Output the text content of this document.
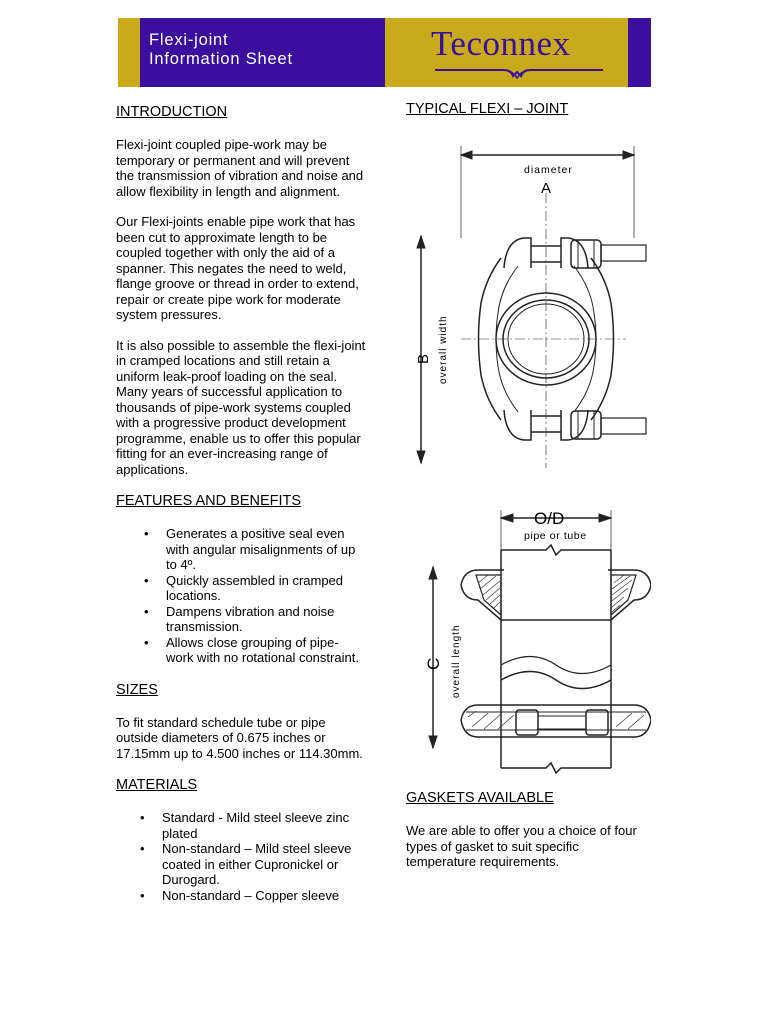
Flexi-joint
Information Sheet	Teconnex
INTRODUCTION

Flexi-joint coupled pipe-work may be temporary or permanent and will prevent the transmission of vibration and noise and allow flexibility in length and alignment.

Our Flexi-joints enable pipe work that has been cut to approximate length to be coupled together with only the aid of a spanner. This negates the need to weld, flange groove or thread in order to extend, repair or create pipe work for moderate system pressures.

It is also possible to assemble the flexi-joint in cramped locations and still retain a uniform leak-proof loading on the seal. Many years of successful application to thousands of pipe-work systems coupled with a progressive product development programme, enable us to offer this popular fitting for an ever-increasing range of applications.

FEATURES AND BENEFITS
• Generates a positive seal even with angular misalignments of up to 4º.
• Quickly assembled in cramped locations.
• Dampens vibration and noise transmission.
• Allows close grouping of pipe-work with no rotational constraint.
SIZES

To fit standard schedule tube or pipe outside diameters of 0.675 inches or 17.15mm up to 4.500 inches or 114.30mm.

MATERIALS
• Standard - Mild steel sleeve zinc plated
• Non-standard – Mild steel sleeve coated in either Cupronickel or Durogard.
• Non-standard – Copper sleeve
TYPICAL FLEXI – JOINT
diameter
A
B overall width
O/D
pipe or tube
C overall length
GASKETS AVAILABLE

We are able to offer you a choice of four types of gasket to suit specific temperature requirements.
